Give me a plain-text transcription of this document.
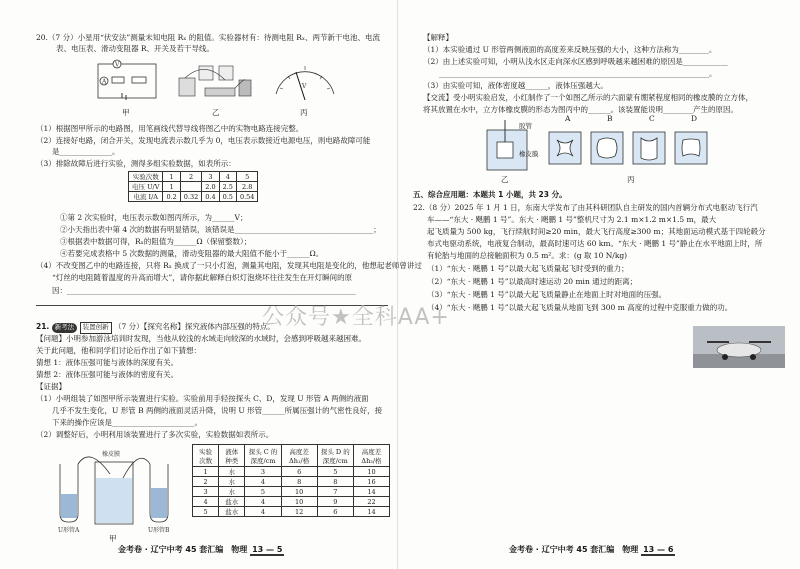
20.（7 分）小星用“伏安法”测量未知电阻 Rₓ 的阻值。实验器材有：待测电阻 Rₓ、两节新干电池、电流
表、电压表、滑动变阻器 R、开关及若干导线。
V
A
V
甲	乙	丙
（1）根据图甲所示的电路图，用笔画线代替导线将图乙中的实物电路连接完整。
（2）连接好电路，闭合开关，发现电流表示数几乎为 0，电压表示数接近电源电压，则电路故障可能
是______________。
（3）排除故障后进行实验，测得多组实验数据，如表所示：
实验次数	1	2	3	4	5
电压 U/V	1		2.0	2.5	2.8
电流 I/A	0.2	0.32	0.4	0.5	0.54
①第 2 次实验时，电压表示数如图丙所示，为______V；
②小天指出表中第 4 次的数据有明显错误，该错误是_____________________________________；
③根据表中数据可得，Rₓ的阻值为______Ω（保留整数）；
④若要完成表格中 5 次数据的测量，滑动变阻器的最大阻值不能小于______Ω。
（4）不改变图乙中的电路连接，只将 Rₓ 换成了一只小灯泡，测量其电阻，发现其电阻是变化的，他想起老师曾讲过
“灯丝的电阻随着温度的升高而增大”，请你据此解释白炽灯泡烧坏往往发生在开灯瞬间的原
因：_____________________________________________________________________________
21. 新考法 装置创新 （7 分）【探究名称】探究液体内部压强的特点。
【问题】小明参加游泳培训时发现，当他从较浅的水域走向较深的水域时，会感到呼吸越来越困难。
关于此问题，他和同学们讨论后作出了如下猜想：
猜想 1：液体压强可能与液体的深度有关。
猜想 2：液体压强可能与液体的密度有关。
【证据】
（1）小明组装了如图甲所示装置进行实验。实验前用手轻按探头 C、D，发现 U 形管 A 两侧的液面
几乎不发生变化，U 形管 B 两侧的液面灵活升降，说明 U 形管______所属压强计的气密性良好，接
下来的操作应该是______________________。
（2）调整好后，小明利用该装置进行了多次实验，实验数据如表所示。
U形管A	U形管B
橡皮膜
甲
实验次数	液体种类	探头 C 的深度/cm	高度差 Δh₁/格	探头 D 的深度/cm	高度差 Δh₂/格
1	水	3	6	5	10
2	水	4	8	8	16
3	水	5	10	7	14
4	盐水	4	10	9	22
5	盐水	4	12	6	14
金考卷 · 辽宁中考 45 套汇编　物理 13 — 5
【解释】
（1）本实验通过 U 形管两侧液面的高度差来反映压强的大小，这种方法称为________。
（2）由上述实验可知，小明从浅水区走向深水区感到呼吸越来越困难的原因是____________
________________________________________________________________________。
（3）由实验可知，液体密度越______，液体压强越大。
【交流】受小明实验启发，小红制作了一个如图乙所示的六面蒙有绷紧程度相同的橡皮膜的立方体，
将其放置在水中，立方体橡皮膜的形态为图丙中的______。该装置能说明________产生的原因。
胶管
橡皮膜
乙
A	B	C	D
丙
五、综合应用题：本题共 1 小题，共 23 分。
22.（8 分）2025 年 1 月 1 日，东南大学发布了由其科研团队自主研发的国内首辆分布式电驱动飞行汽
车——“东大 · 飓鹏 1 号”。东大 · 飓鹏 1 号”整机尺寸为 2.1 m×1.2 m×1.5 m，最大
起飞质量为 500 kg，飞行续航时间≥20 min，最大飞行高度≥300 m；其地面运动模式基于四轮毂分
布式电驱动系统，电液复合制动，最高时速可达 60 km。“东大 · 飓鹏 1 号”静止在水平地面上时，所
有轮胎与地面的总接触面积为 0.5 m²。求：(g 取 10 N/kg)
（1）“东大 · 飓鹏 1 号”以最大起飞质量起飞时受到的重力；
（2）“东大 · 飓鹏 1 号”以最高时速运动 20 min 通过的距离；
（3）“东大 · 飓鹏 1 号”以最大起飞质量静止在地面上时对地面的压强。
（4）“东大 · 飓鹏 1 号”以最大起飞质量从地面飞到 300 m 高度的过程中克服重力做的功。
金考卷 · 辽宁中考 45 套汇编　物理 13 — 6
公众号★全科AA+
